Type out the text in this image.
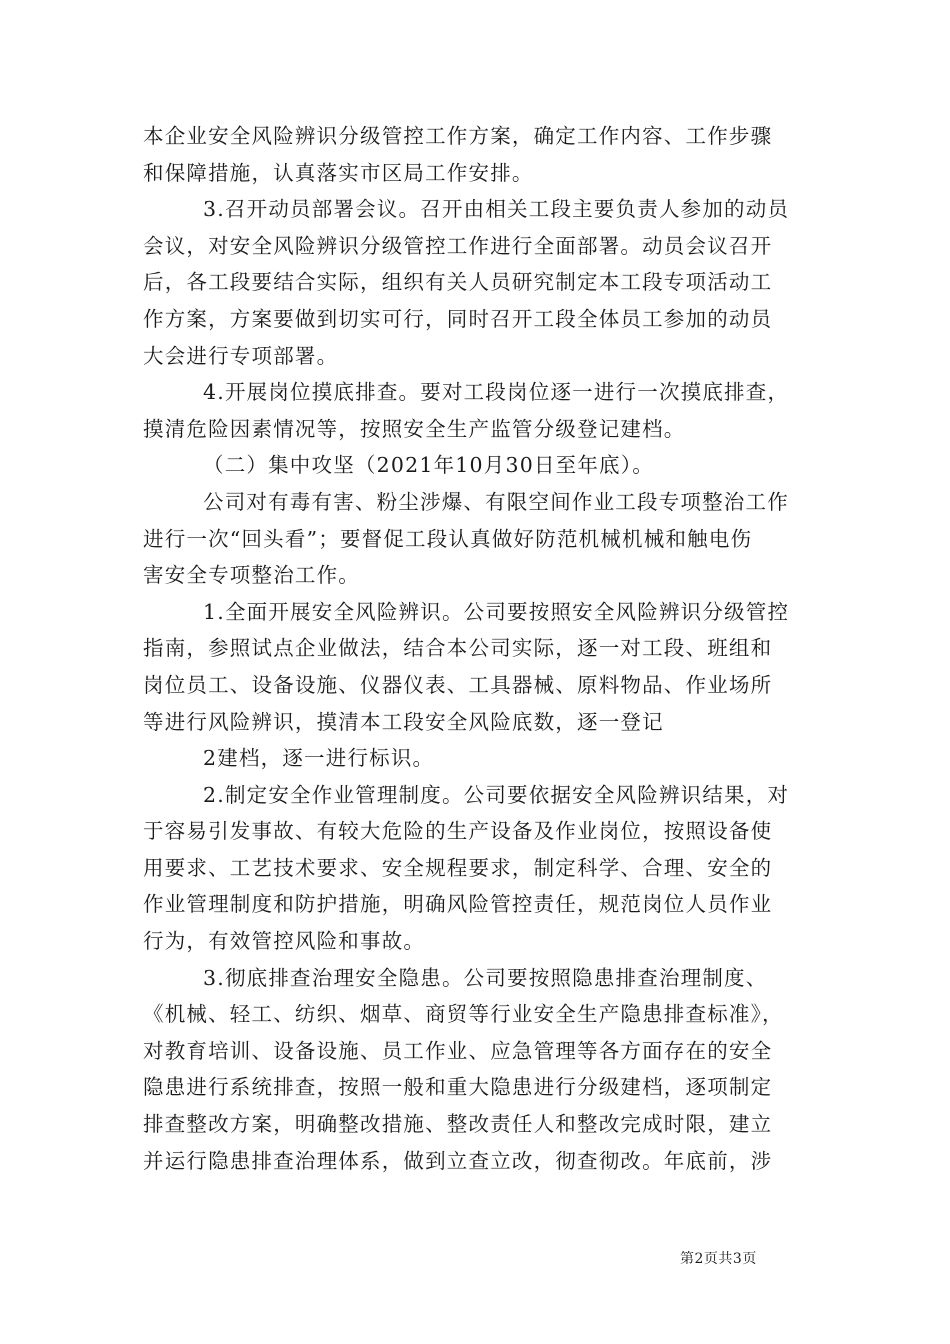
本企业安全风险辨识分级管控工作方案，确定工作内容、工作步骤
和保障措施，认真落实市区局工作安排。
3.召开动员部署会议。召开由相关工段主要负责人参加的动员
会议，对安全风险辨识分级管控工作进行全面部署。动员会议召开
后，各工段要结合实际，组织有关人员研究制定本工段专项活动工
作方案，方案要做到切实可行，同时召开工段全体员工参加的动员
大会进行专项部署。
4.开展岗位摸底排查。要对工段岗位逐一进行一次摸底排查，
摸清危险因素情况等，按照安全生产监管分级登记建档。
（二）集中攻坚（2021年10月30日至年底）。
公司对有毒有害、粉尘涉爆、有限空间作业工段专项整治工作
进行一次“回头看”；要督促工段认真做好防范机械机械和触电伤
害安全专项整治工作。
1.全面开展安全风险辨识。公司要按照安全风险辨识分级管控
指南，参照试点企业做法，结合本公司实际，逐一对工段、班组和
岗位员工、设备设施、仪器仪表、工具器械、原料物品、作业场所
等进行风险辨识，摸清本工段安全风险底数，逐一登记
2建档，逐一进行标识。
2.制定安全作业管理制度。公司要依据安全风险辨识结果，对
于容易引发事故、有较大危险的生产设备及作业岗位，按照设备使
用要求、工艺技术要求、安全规程要求，制定科学、合理、安全的
作业管理制度和防护措施，明确风险管控责任，规范岗位人员作业
行为，有效管控风险和事故。
3.彻底排查治理安全隐患。公司要按照隐患排查治理制度、
《机械、轻工、纺织、烟草、商贸等行业安全生产隐患排查标准》，
对教育培训、设备设施、员工作业、应急管理等各方面存在的安全
隐患进行系统排查，按照一般和重大隐患进行分级建档，逐项制定
排查整改方案，明确整改措施、整改责任人和整改完成时限，建立
并运行隐患排查治理体系，做到立查立改，彻查彻改。年底前，涉
第2页共3页
